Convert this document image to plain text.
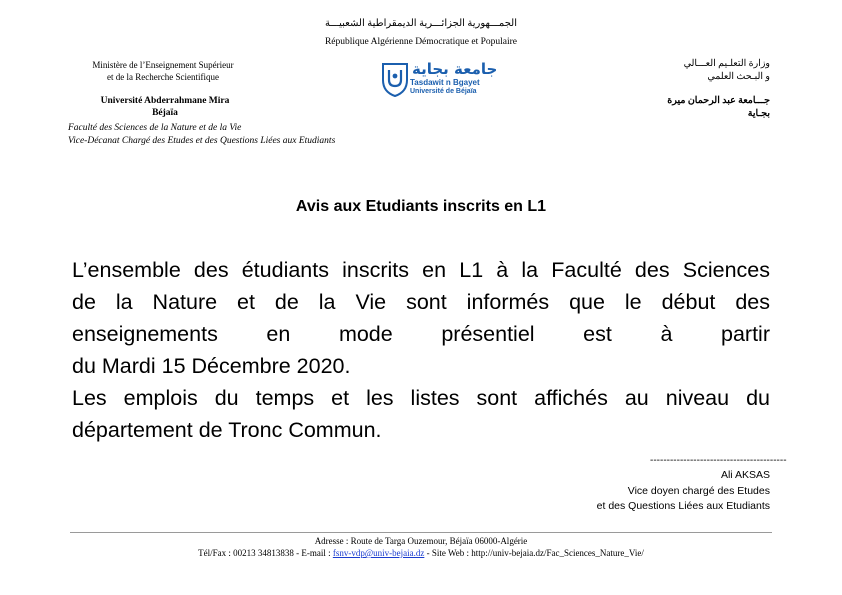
الجمـــهورية الجزائـــرية الديمقراطية الشعبيـــة
République Algérienne Démocratique et Populaire
Ministère de l’Enseignement Supérieur
et de la Recherche Scientifique
Université Abderrahmane Mira
Béjaïa
Faculté des Sciences de la Nature et de la Vie
Vice-Décanat Chargé des Etudes et des Questions Liées aux Etudiants
جامعة بجاية
Tasdawit n Bgayet
Université de Béjaïa
وزارة التعلـيم العـــالي
و البـحث العلمي
جـــامعة عبد الرحمان ميرة
بجـاية
Avis aux Etudiants inscrits en L1
L’ensemble des étudiants inscrits en L1 à la Faculté des Sciences
de la Nature et de la Vie sont informés que le début des
enseignements en mode présentiel est à partir
du Mardi 15 Décembre 2020.
Les emplois du temps et les listes sont affichés au niveau du
département de Tronc Commun.
-----------------------------------------
Ali AKSAS
Vice doyen chargé des Etudes
et des Questions Liées aux Etudiants
Adresse : Route de Targa Ouzemour, Béjaïa 06000-Algérie
Tél/Fax : 00213 34813838 - E-mail : fsnv-vdp@univ-bejaia.dz - Site Web : http://univ-bejaia.dz/Fac_Sciences_Nature_Vie/
